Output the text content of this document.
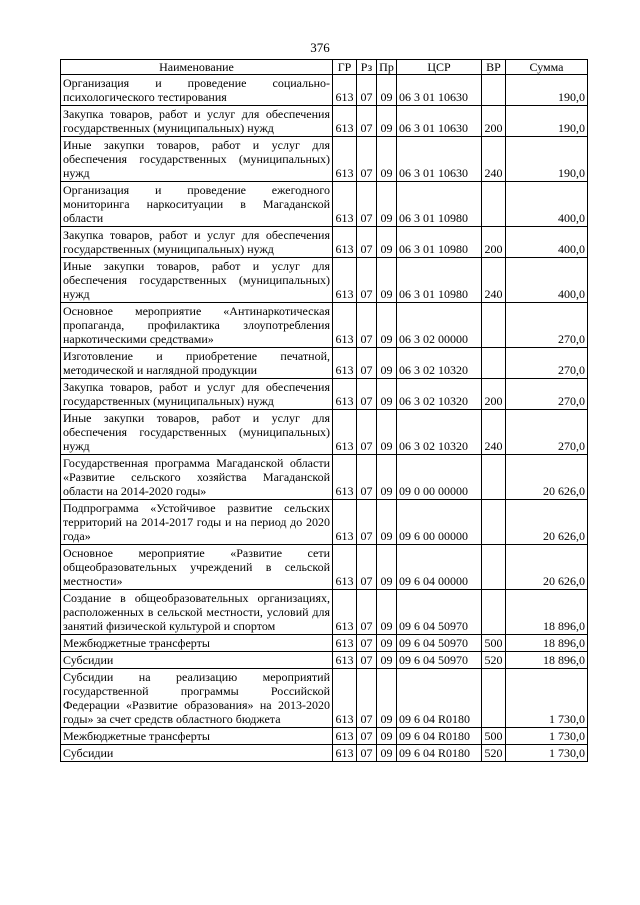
376
Наименование	ГР	Рз	Пр	ЦСР	ВР	Сумма
Организация и проведение социально-психологического тестирования	613	07	09	06 3 01 10630		190,0
Закупка товаров, работ и услуг для обеспечения государственных (муниципальных) нужд	613	07	09	06 3 01 10630	200	190,0
Иные закупки товаров, работ и услуг для обеспечения государственных (муниципальных) нужд	613	07	09	06 3 01 10630	240	190,0
Организация и проведение ежегодного мониторинга наркоситуации в Магаданской области	613	07	09	06 3 01 10980		400,0
Закупка товаров, работ и услуг для обеспечения государственных (муниципальных) нужд	613	07	09	06 3 01 10980	200	400,0
Иные закупки товаров, работ и услуг для обеспечения государственных (муниципальных) нужд	613	07	09	06 3 01 10980	240	400,0
Основное мероприятие «Антинаркотическая пропаганда, профилактика злоупотребления наркотическими средствами»	613	07	09	06 3 02 00000		270,0
Изготовление и приобретение печатной, методической и наглядной продукции	613	07	09	06 3 02 10320		270,0
Закупка товаров, работ и услуг для обеспечения государственных (муниципальных) нужд	613	07	09	06 3 02 10320	200	270,0
Иные закупки товаров, работ и услуг для обеспечения государственных (муниципальных) нужд	613	07	09	06 3 02 10320	240	270,0
Государственная программа Магаданской области «Развитие сельского хозяйства Магаданской области на 2014-2020 годы»	613	07	09	09 0 00 00000		20 626,0
Подпрограмма «Устойчивое развитие сельских территорий на 2014-2017 годы и на период до 2020 года»	613	07	09	09 6 00 00000		20 626,0
Основное мероприятие «Развитие сети общеобразовательных учреждений в сельской местности»	613	07	09	09 6 04 00000		20 626,0
Создание в общеобразовательных организациях, расположенных в сельской местности, условий для занятий физической культурой и спортом	613	07	09	09 6 04 50970		18 896,0
Межбюджетные трансферты	613	07	09	09 6 04 50970	500	18 896,0
Субсидии	613	07	09	09 6 04 50970	520	18 896,0
Субсидии на реализацию мероприятий государственной программы Российской Федерации «Развитие образования» на 2013-2020 годы» за счет средств областного бюджета	613	07	09	09 6 04 R0180		1 730,0
Межбюджетные трансферты	613	07	09	09 6 04 R0180	500	1 730,0
Субсидии	613	07	09	09 6 04 R0180	520	1 730,0
